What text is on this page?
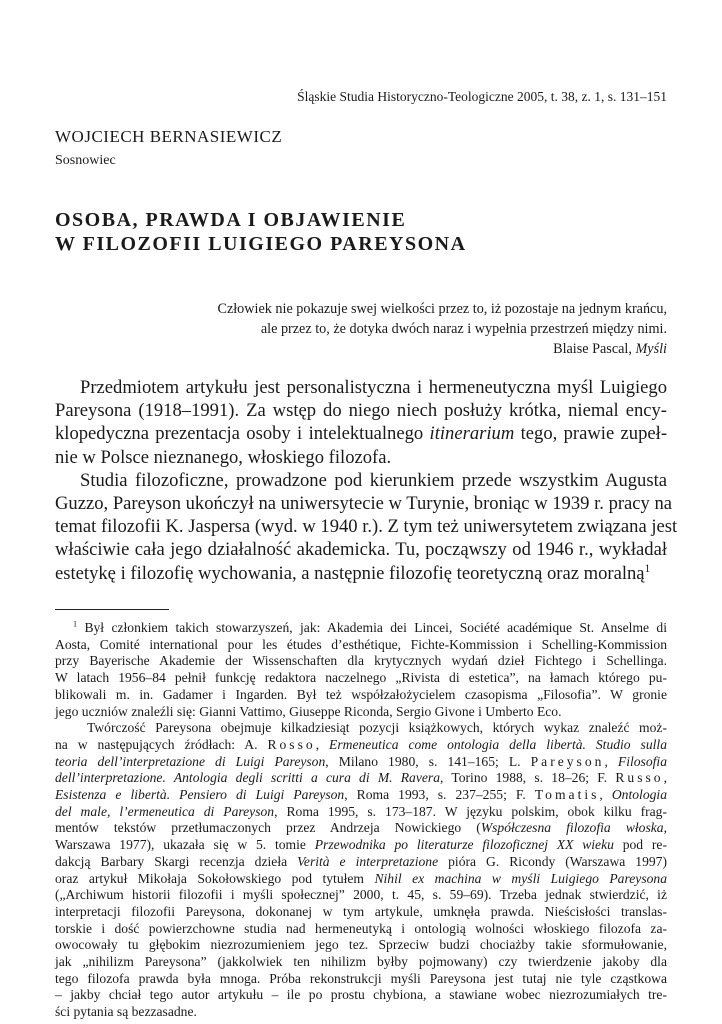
Śląskie Studia Historyczno-Teologiczne 2005, t. 38, z. 1, s. 131–151
WOJCIECH BERNASIEWICZ
Sosnowiec
OSOBA, PRAWDA I OBJAWIENIE
W FILOZOFII LUIGIEGO PAREYSONA
Człowiek nie pokazuje swej wielkości przez to, iż pozostaje na jednym krańcu,
ale przez to, że dotyka dwóch naraz i wypełnia przestrzeń między nimi.
Blaise Pascal, Myśli
Przedmiotem artykułu jest personalistyczna i hermeneutyczna myśl Luigiego
Pareysona (1918–1991). Za wstęp do niego niech posłuży krótka, niemal ency-
klopedyczna prezentacja osoby i intelektualnego itinerarium tego, prawie zupeł-
nie w Polsce nieznanego, włoskiego filozofa.
Studia filozoficzne, prowadzone pod kierunkiem przede wszystkim Augusta
Guzzo, Pareyson ukończył na uniwersytecie w Turynie, broniąc w 1939 r. pracy na
temat filozofii K. Jaspersa (wyd. w 1940 r.). Z tym też uniwersytetem związana jest
właściwie cała jego działalność akademicka. Tu, począwszy od 1946 r., wykładał
estetykę i filozofię wychowania, a następnie filozofię teoretyczną oraz moralną$^1$
$^1$ Był członkiem takich stowarzyszeń, jak: Akademia dei Lincei, Société académique St. Anselme di
Aosta, Comité international pour les études d’esthétique, Fichte-Kommission i Schelling-Kommission
przy Bayerische Akademie der Wissenschaften dla krytycznych wydań dzieł Fichtego i Schellinga.
W latach 1956–84 pełnił funkcję redaktora naczelnego „Rivista di estetica”, na łamach którego pu-
blikowali m. in. Gadamer i Ingarden. Był też współzałożycielem czasopisma „Filosofia”. W gronie
jego uczniów znaleźli się: Gianni Vattimo, Giuseppe Riconda, Sergio Givone i Umberto Eco.
Twórczość Pareysona obejmuje kilkadziesiąt pozycji książkowych, których wykaz znaleźć moż-
na w następujących źródłach: A. Rosso, Ermeneutica come ontologia della libertà. Studio sulla
teoria dell’interpretazione di Luigi Pareyson, Milano 1980, s. 141–165; L. Pareyson, Filosofia
dell’interpretazione. Antologia degli scritti a cura di M. Ravera, Torino 1988, s. 18–26; F. Russo,
Esistenza e libertà. Pensiero di Luigi Pareyson, Roma 1993, s. 237–255; F. Tomatis, Ontologia
del male, l’ermeneutica di Pareyson, Roma 1995, s. 173–187. W języku polskim, obok kilku frag-
mentów tekstów przetłumaczonych przez Andrzeja Nowickiego (Współczesna filozofia włoska,
Warszawa 1977), ukazała się w 5. tomie Przewodnika po literaturze filozoficznej XX wieku pod re-
dakcją Barbary Skargi recenzja dzieła Verità e interpretazione pióra G. Ricondy (Warszawa 1997)
oraz artykuł Mikołaja Sokołowskiego pod tytułem Nihil ex machina w myśli Luigiego Pareysona
(„Archiwum historii filozofii i myśli społecznej” 2000, t. 45, s. 59–69). Trzeba jednak stwierdzić, iż
interpretacji filozofii Pareysona, dokonanej w tym artykule, umknęła prawda. Nieścisłości translas-
torskie i dość powierzchowne studia nad hermeneutyką i ontologią wolności włoskiego filozofa za-
owocowały tu głębokim niezrozumieniem jego tez. Sprzeciw budzi chociażby takie sformułowanie,
jak „nihilizm Pareysona” (jakkolwiek ten nihilizm byłby pojmowany) czy twierdzenie jakoby dla
tego filozofa prawda była mnoga. Próba rekonstrukcji myśli Pareysona jest tutaj nie tyle cząstkowa
– jakby chciał tego autor artykułu – ile po prostu chybiona, a stawiane wobec niezrozumiałych tre-
ści pytania są bezzasadne.
